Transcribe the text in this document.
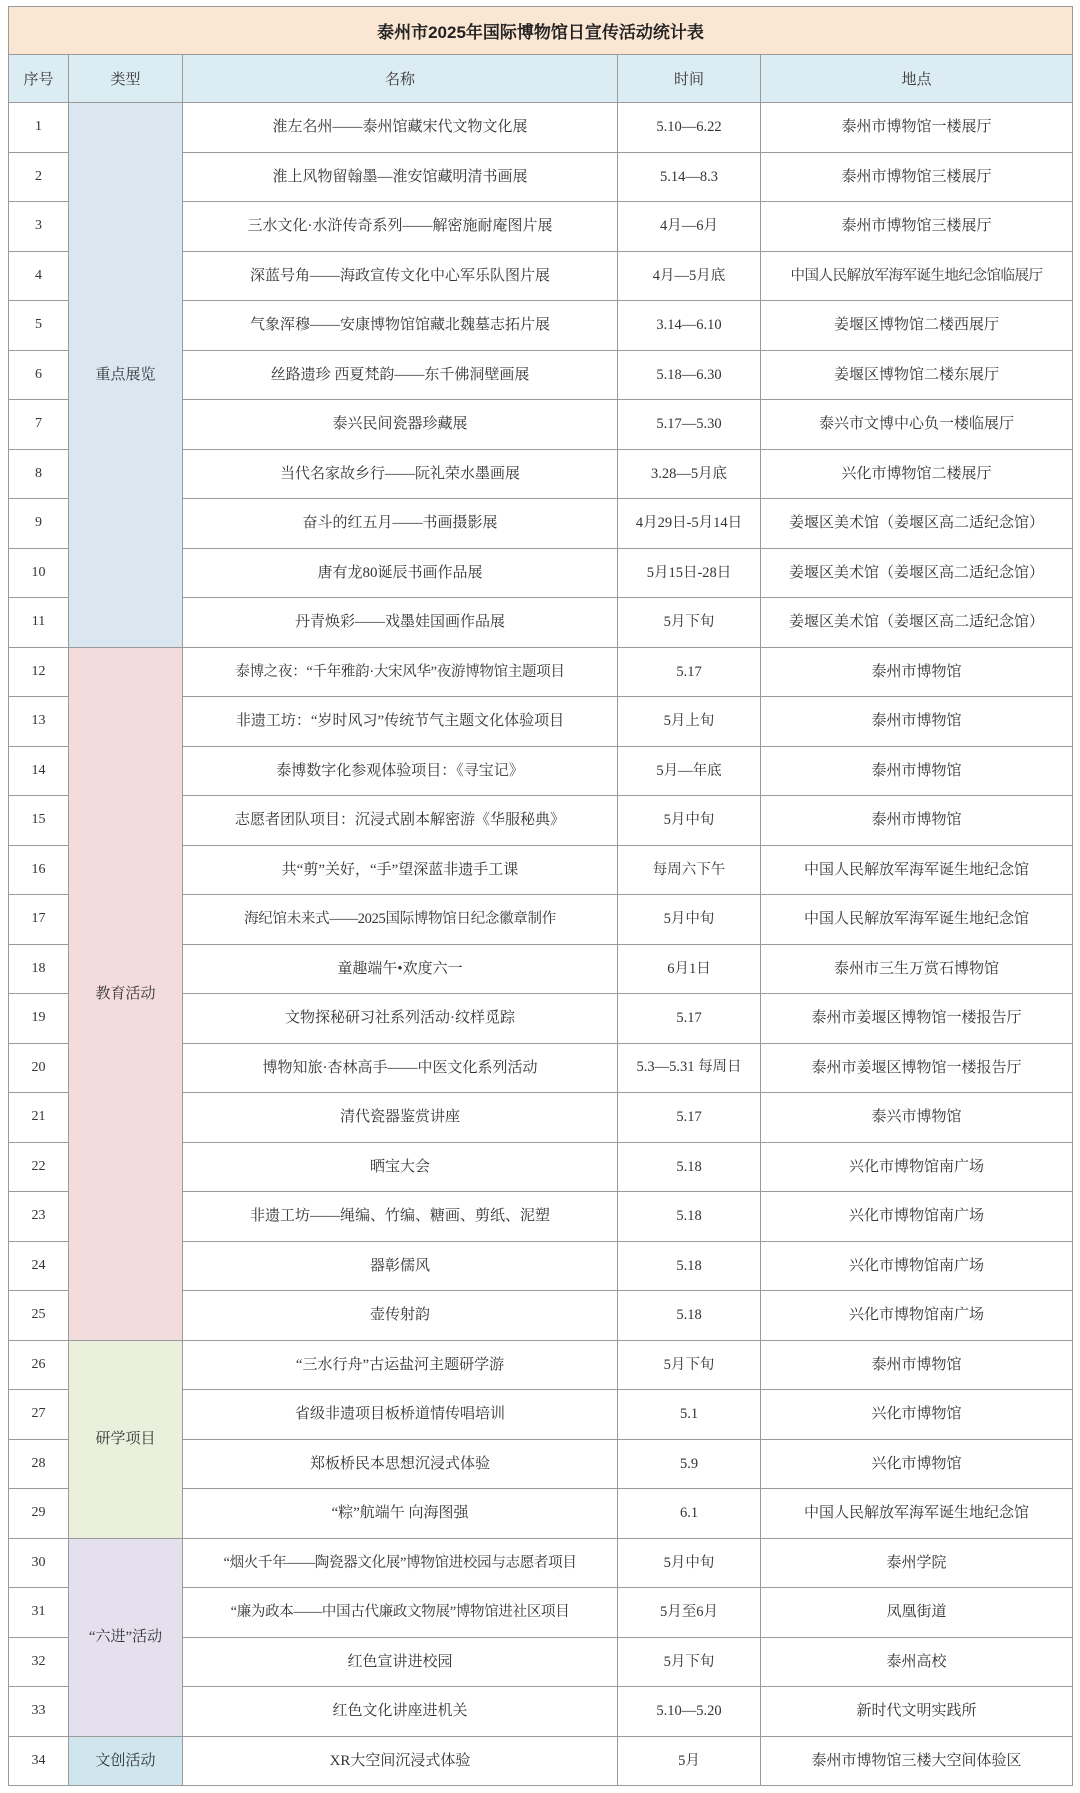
泰州市2025年国际博物馆日宣传活动统计表				
序号	类型	名称	时间	地点
1	重点展览	淮左名州——泰州馆藏宋代文物文化展	5.10—6.22	泰州市博物馆一楼展厅
2		淮上风物留翰墨—淮安馆藏明清书画展	5.14—8.3	泰州市博物馆三楼展厅
3		三水文化·水浒传奇系列——解密施耐庵图片展	4月—6月	泰州市博物馆三楼展厅
4		深蓝号角——海政宣传文化中心军乐队图片展	4月—5月底	中国人民解放军海军诞生地纪念馆临展厅
5		气象浑穆——安康博物馆馆藏北魏墓志拓片展	3.14—6.10	姜堰区博物馆二楼西展厅
6		丝路遗珍 西夏梵韵——东千佛洞壁画展	5.18—6.30	姜堰区博物馆二楼东展厅
7		泰兴民间瓷器珍藏展	5.17—5.30	泰兴市文博中心负一楼临展厅
8		当代名家故乡行——阮礼荣水墨画展	3.28—5月底	兴化市博物馆二楼展厅
9		奋斗的红五月——书画摄影展	4月29日-5月14日	姜堰区美术馆（姜堰区高二适纪念馆）
10		唐有龙80诞辰书画作品展	5月15日-28日	姜堰区美术馆（姜堰区高二适纪念馆）
11		丹青焕彩——戏墨娃国画作品展	5月下旬	姜堰区美术馆（姜堰区高二适纪念馆）
12	教育活动	泰博之夜：“千年雅韵·大宋风华”夜游博物馆主题项目	5.17	泰州市博物馆
13		非遗工坊：“岁时风习”传统节气主题文化体验项目	5月上旬	泰州市博物馆
14		泰博数字化参观体验项目：《寻宝记》	5月—年底	泰州市博物馆
15		志愿者团队项目：沉浸式剧本解密游《华服秘典》	5月中旬	泰州市博物馆
16		共“剪”关好，“手”望深蓝非遗手工课	每周六下午	中国人民解放军海军诞生地纪念馆
17		海纪馆未来式——2025国际博物馆日纪念徽章制作	5月中旬	中国人民解放军海军诞生地纪念馆
18		童趣端午•欢度六一	6月1日	泰州市三生万赏石博物馆
19		文物探秘研习社系列活动·纹样觅踪	5.17	泰州市姜堰区博物馆一楼报告厅
20		博物知旅·杏林高手——中医文化系列活动	5.3—5.31 每周日	泰州市姜堰区博物馆一楼报告厅
21		清代瓷器鉴赏讲座	5.17	泰兴市博物馆
22		晒宝大会	5.18	兴化市博物馆南广场
23		非遗工坊——绳编、竹编、糖画、剪纸、泥塑	5.18	兴化市博物馆南广场
24		器彰儒风	5.18	兴化市博物馆南广场
25		壶传射韵	5.18	兴化市博物馆南广场
26	研学项目	“三水行舟”古运盐河主题研学游	5月下旬	泰州市博物馆
27		省级非遗项目板桥道情传唱培训	5.1	兴化市博物馆
28		郑板桥民本思想沉浸式体验	5.9	兴化市博物馆
29		“粽”航端午 向海图强	6.1	中国人民解放军海军诞生地纪念馆
30	“六进”活动	“烟火千年——陶瓷器文化展”博物馆进校园与志愿者项目	5月中旬	泰州学院
31		“廉为政本——中国古代廉政文物展”博物馆进社区项目	5月至6月	凤凰街道
32		红色宣讲进校园	5月下旬	泰州高校
33		红色文化讲座进机关	5.10—5.20	新时代文明实践所
34	文创活动	XR大空间沉浸式体验	5月	泰州市博物馆三楼大空间体验区
